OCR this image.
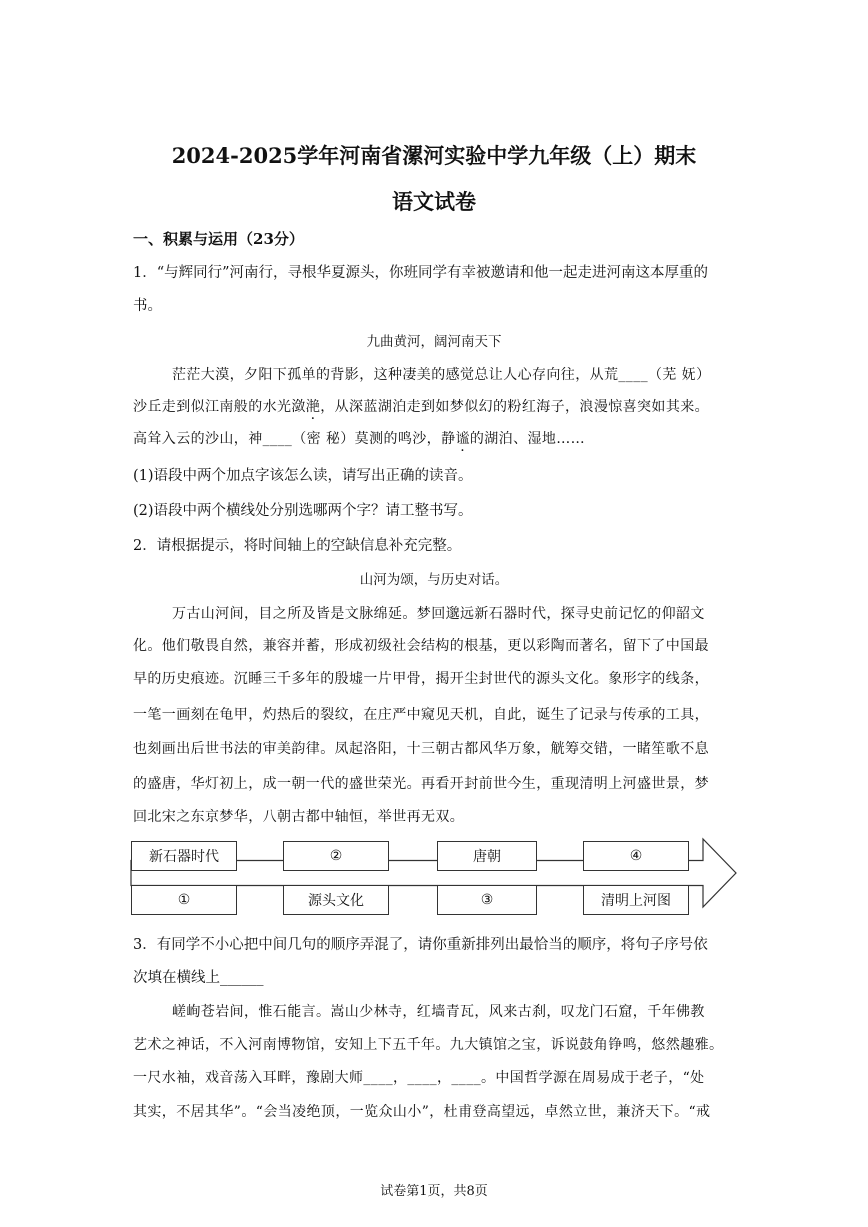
2024-2025学年河南省漯河实验中学九年级（上）期末
语文试卷
一、积累与运用（23分）
1．“与辉同行”河南行，寻根华夏源头，你班同学有幸被邀请和他一起走进河南这本厚重的
书。
九曲黄河，阔河南天下
茫茫大漠，夕阳下孤单的背影，这种凄美的感觉总让人心存向往，从荒____（芜 妩）
沙丘走到似江南般的水光潋滟，从深蓝湖泊走到如梦似幻的粉红海子，浪漫惊喜突如其来。
高耸入云的沙山，神____（密 秘）莫测的鸣沙，静谧的湖泊、湿地……
(1)语段中两个加点字该怎么读，请写出正确的读音。
(2)语段中两个横线处分别选哪两个字？请工整书写。
2．请根据提示，将时间轴上的空缺信息补充完整。
山河为颂，与历史对话。
万古山河间，目之所及皆是文脉绵延。梦回邈远新石器时代，探寻史前记忆的仰韶文
化。他们敬畏自然，兼容并蓄，形成初级社会结构的根基，更以彩陶而著名，留下了中国最
早的历史痕迹。沉睡三千多年的殷墟一片甲骨，揭开尘封世代的源头文化。象形字的线条，
一笔一画刻在龟甲，灼热后的裂纹，在庄严中窥见天机，自此，诞生了记录与传承的工具，
也刻画出后世书法的审美韵律。凤起洛阳，十三朝古都风华万象，觥筹交错，一睹笙歌不息
的盛唐，华灯初上，成一朝一代的盛世荣光。再看开封前世今生，重现清明上河盛世景，梦
回北宋之东京梦华，八朝古都中轴恒，举世再无双。
新石器时代	②	唐朝	④
①	源头文化	③	清明上河图
3．有同学不小心把中间几句的顺序弄混了，请你重新排列出最恰当的顺序，将句子序号依
次填在横线上______
嵯峋苍岩间，惟石能言。嵩山少林寺，红墙青瓦，风来古刹，叹龙门石窟，千年佛教
艺术之神话，不入河南博物馆，安知上下五千年。九大镇馆之宝，诉说鼓角铮鸣，悠然趣雅。
一尺水袖，戏音荡入耳畔，豫剧大师____，____，____。中国哲学源在周易成于老子，“处
其实，不居其华”。“会当凌绝顶，一览众山小”，杜甫登高望远，卓然立世，兼济天下。“戒
试卷第1页，共8页
